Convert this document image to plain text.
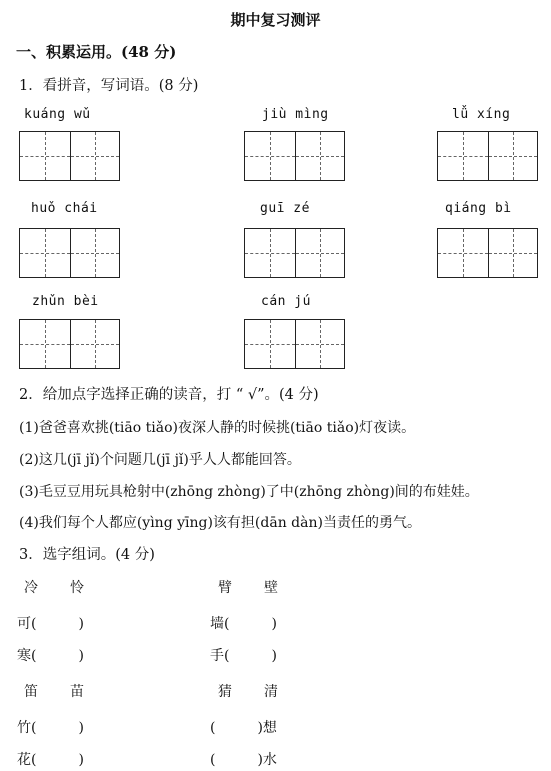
期中复习测评
一、积累运用。(48 分)
1．看拼音，写词语。(8 分)
kuáng wǔ	jiù mìng	lǚ xíng
huǒ chái	guī zé	qiáng bì
zhǔn bèi	cán jú
2．给加点字选择正确的读音，打 “ √”。(4 分)
(1)爸爸喜欢挑(tiāo tiǎo)夜深人静的时候挑(tiāo tiǎo)灯夜读。
(2)这几(jī jǐ)个问题几(jī jǐ)乎人人都能回答。
(3)毛豆豆用玩具枪射中(zhōng zhòng)了中(zhōng zhòng)间的布娃娃。
(4)我们每个人都应(yìng yīng)该有担(dān dàn)当责任的勇气。
3．选字组词。(4 分)
冷 怜
可(　　　)
寒(　　　)
臂 壁
墙(　　　)
手(　　　)
笛 苗
竹(　　　)
花(　　　)
猜 清
(　　　)想
(　　　)水
